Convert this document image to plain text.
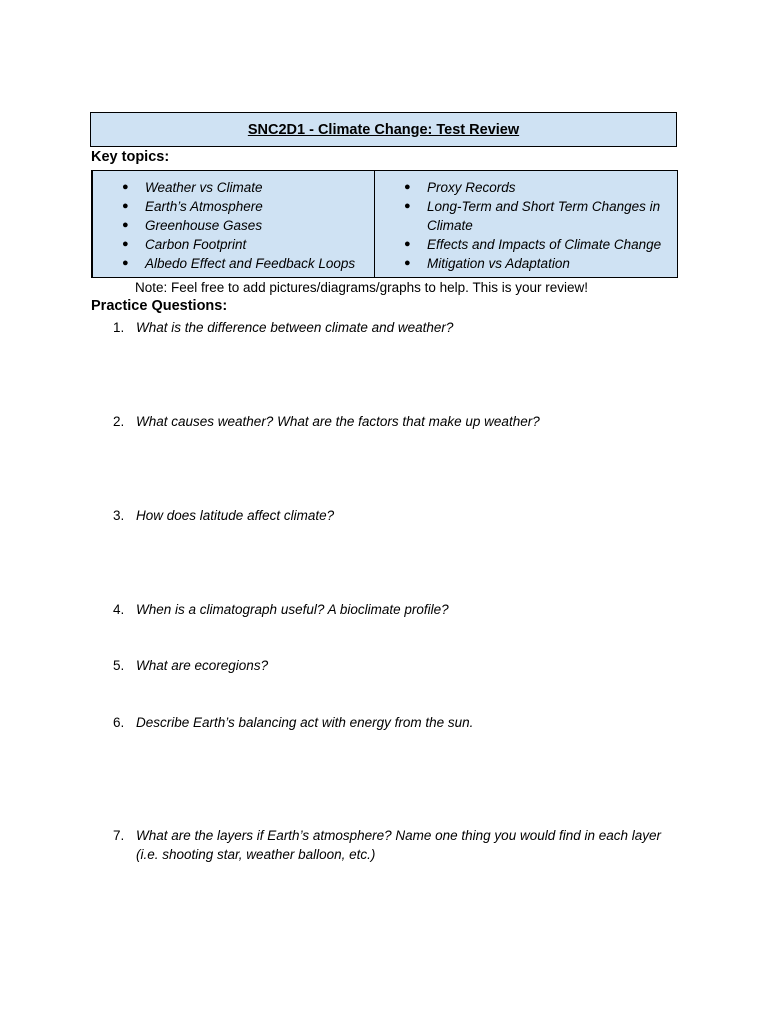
SNC2D1 - Climate Change: Test Review
Key topics:
● Weather vs Climate
● Earth’s Atmosphere
● Greenhouse Gases
● Carbon Footprint
● Albedo Effect and Feedback Loops
● Proxy Records
● Long-Term and Short Term Changes in Climate
● Effects and Impacts of Climate Change
● Mitigation vs Adaptation
Note: Feel free to add pictures/diagrams/graphs to help. This is your review!
Practice Questions:
1. What is the difference between climate and weather?
2. What causes weather? What are the factors that make up weather?
3. How does latitude affect climate?
4. When is a climatograph useful? A bioclimate profile?
5. What are ecoregions?
6. Describe Earth’s balancing act with energy from the sun.
7. What are the layers if Earth’s atmosphere? Name one thing you would find in each layer (i.e. shooting star, weather balloon, etc.)
